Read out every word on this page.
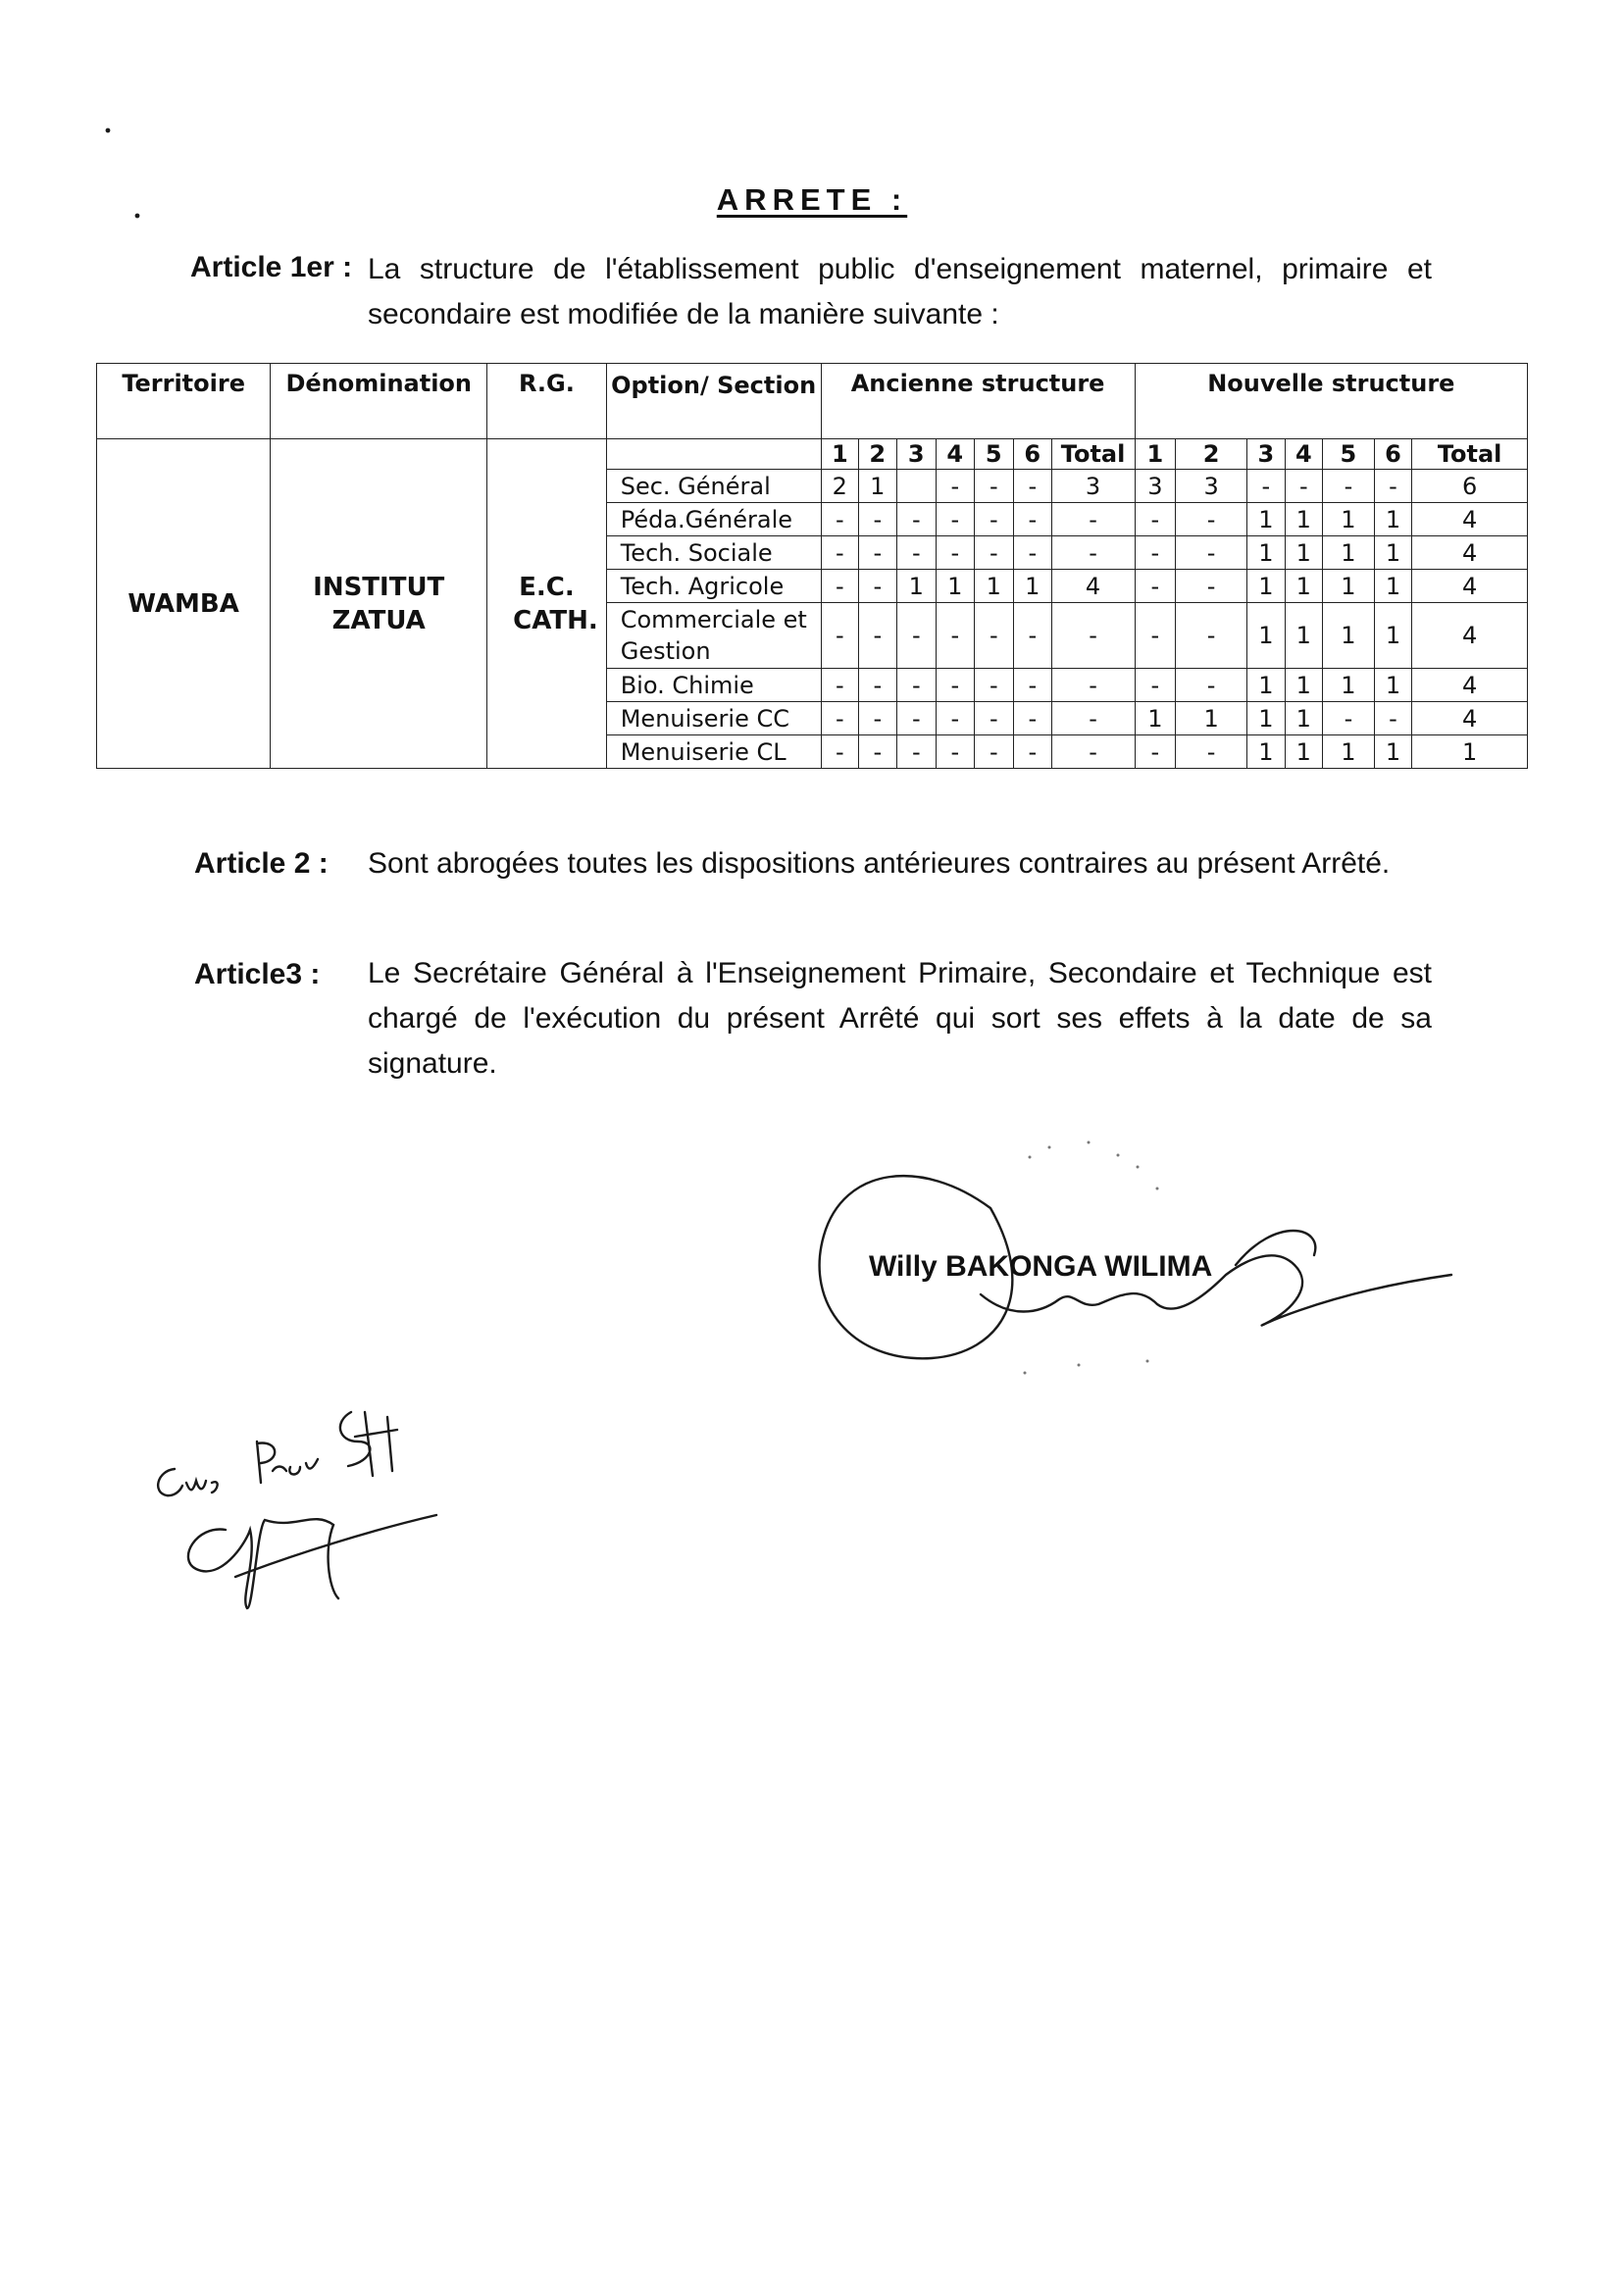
ARRETE :
Article 1er : La structure de l'établissement public d'enseignement maternel, primaire et secondaire est modifiée de la manière suivante :
Territoire	Dénomination	R.G.	Option/ Section	Ancienne structure							Nouvelle structure						
WAMBA	INSTITUT ZATUA	E.C. CATH.		1	2	3	4	5	6	Total	1	2	3	4	5	6	Total
			Sec. Général	2	1		-	-	-	3	3	3	-	-	-	-	6
			Péda.Générale	-	-	-	-	-	-	-	-	-	1	1	1	1	4
			Tech. Sociale	-	-	-	-	-	-	-	-	-	1	1	1	1	4
			Tech. Agricole	-	-	1	1	1	1	4	-	-	1	1	1	1	4
			Commerciale et Gestion	-	-	-	-	-	-	-	-	-	1	1	1	1	4
			Bio. Chimie	-	-	-	-	-	-	-	-	-	1	1	1	1	4
			Menuiserie CC	-	-	-	-	-	-	-	1	1	1	1	-	-	4
			Menuiserie CL	-	-	-	-	-	-	-	-	-	1	1	1	1	1
Article 2 : Sont abrogées toutes les dispositions antérieures contraires au présent Arrêté.
Article3 : Le Secrétaire Général à l'Enseignement Primaire, Secondaire et Technique est chargé de l'exécution du présent Arrêté qui sort ses effets à la date de sa signature.
Willy BAKONGA WILIMA
